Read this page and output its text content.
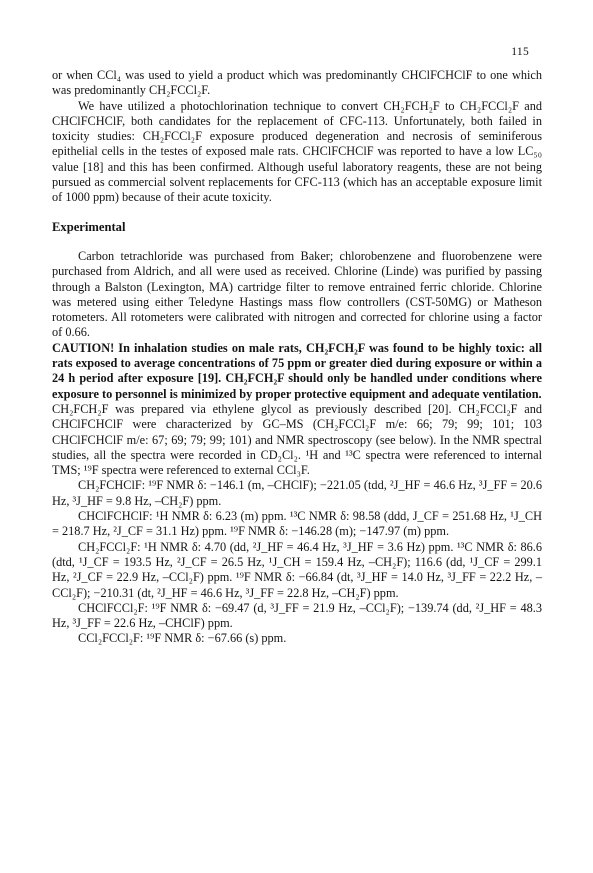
115

or when CCl₄ was used to yield a product which was predominantly CHClFCHClF to one which was predominantly CH₂FCCl₂F.

We have utilized a photochlorination technique to convert CH₂FCH₂F to CH₂FCCl₂F and CHClFCHClF, both candidates for the replacement of CFC-113. Unfortunately, both failed in toxicity studies: CH₂FCCl₂F exposure produced degeneration and necrosis of seminiferous epithelial cells in the testes of exposed male rats. CHClFCHClF was reported to have a low LC₅₀ value [18] and this has been confirmed. Although useful laboratory reagents, these are not being pursued as commercial solvent replacements for CFC-113 (which has an acceptable exposure limit of 1000 ppm) because of their acute toxicity.

Experimental

Carbon tetrachloride was purchased from Baker; chlorobenzene and fluorobenzene were purchased from Aldrich, and all were used as received. Chlorine (Linde) was purified by passing through a Balston (Lexington, MA) cartridge filter to remove entrained ferric chloride. Chlorine was metered using either Teledyne Hastings mass flow controllers (CST-50MG) or Matheson rotometers. All rotometers were calibrated with nitrogen and corrected for chlorine using a factor of 0.66.

CAUTION! In inhalation studies on male rats, CH₂FCH₂F was found to be highly toxic: all rats exposed to average concentrations of 75 ppm or greater died during exposure or within a 24 h period after exposure [19]. CH₂FCH₂F should only be handled under conditions where exposure to personnel is minimized by proper protective equipment and adequate ventilation.

CH₂FCH₂F was prepared via ethylene glycol as previously described [20]. CH₂FCCl₂F and CHClFCHClF were characterized by GC–MS (CH₂FCCl₂F m/e: 66; 79; 99; 101; 103 CHClFCHClF m/e: 67; 69; 79; 99; 101) and NMR spectroscopy (see below). In the NMR spectral studies, all the spectra were recorded in CD₂Cl₂. ¹H and ¹³C spectra were referenced to internal TMS; ¹⁹F spectra were referenced to external CCl₃F.

CH₂FCHClF: ¹⁹F NMR δ: −146.1 (m, –CHClF); −221.05 (tdd, ²J_HF = 46.6 Hz, ³J_FF = 20.6 Hz, ³J_HF = 9.8 Hz, –CH₂F) ppm.

CHClFCHClF: ¹H NMR δ: 6.23 (m) ppm. ¹³C NMR δ: 98.58 (ddd, J_CF = 251.68 Hz, ¹J_CH = 218.7 Hz, ²J_CF = 31.1 Hz) ppm. ¹⁹F NMR δ: −146.28 (m); −147.97 (m) ppm.

CH₂FCCl₂F: ¹H NMR δ: 4.70 (dd, ²J_HF = 46.4 Hz, ³J_HF = 3.6 Hz) ppm. ¹³C NMR δ: 86.6 (dtd, ¹J_CF = 193.5 Hz, ²J_CF = 26.5 Hz, ¹J_CH = 159.4 Hz, –CH₂F); 116.6 (dd, ¹J_CF = 299.1 Hz, ²J_CF = 22.9 Hz, –CCl₂F) ppm. ¹⁹F NMR δ: −66.84 (dt, ³J_HF = 14.0 Hz, ³J_FF = 22.2 Hz, –CCl₂F); −210.31 (dt, ²J_HF = 46.6 Hz, ³J_FF = 22.8 Hz, –CH₂F) ppm.

CHClFCCl₂F: ¹⁹F NMR δ: −69.47 (d, ³J_FF = 21.9 Hz, –CCl₂F); −139.74 (dd, ²J_HF = 48.3 Hz, ³J_FF = 22.6 Hz, –CHClF) ppm.

CCl₂FCCl₂F: ¹⁹F NMR δ: −67.66 (s) ppm.
